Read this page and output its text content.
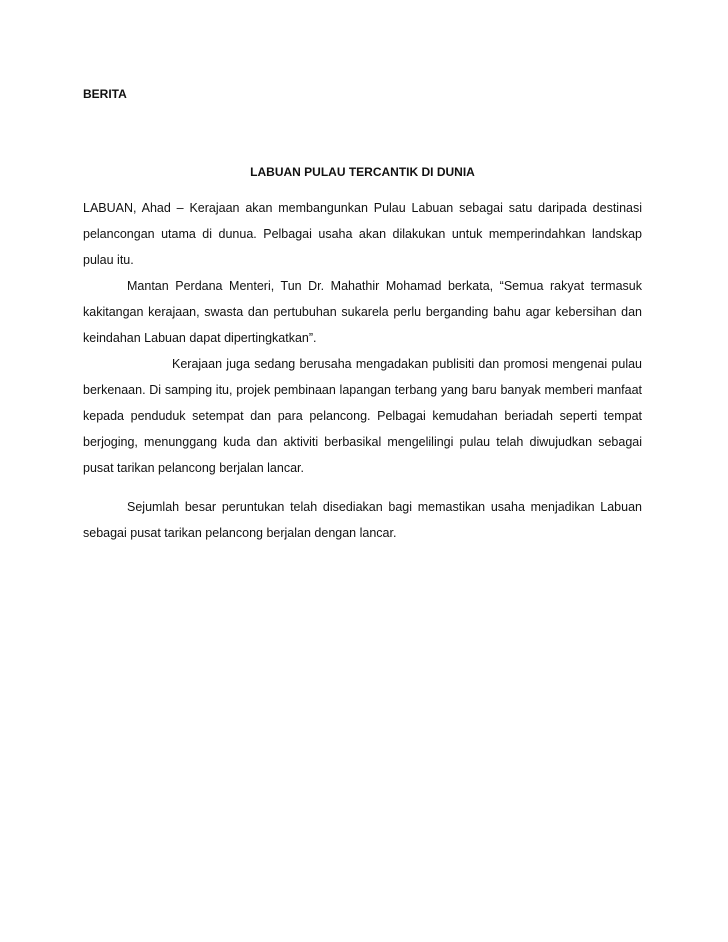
BERITA
LABUAN PULAU TERCANTIK DI DUNIA

LABUAN, Ahad – Kerajaan akan membangunkan Pulau Labuan sebagai satu daripada destinasi pelancongan utama di dunua. Pelbagai usaha akan dilakukan untuk memperindahkan landskap pulau itu.

Mantan Perdana Menteri, Tun Dr. Mahathir Mohamad berkata, “Semua rakyat termasuk kakitangan kerajaan, swasta dan pertubuhan sukarela perlu berganding bahu agar kebersihan dan keindahan Labuan dapat dipertingkatkan”.

Kerajaan juga sedang berusaha mengadakan publisiti dan promosi mengenai pulau berkenaan. Di samping itu, projek pembinaan lapangan terbang yang baru banyak memberi manfaat kepada penduduk setempat dan para pelancong. Pelbagai kemudahan beriadah seperti tempat berjoging, menunggang kuda dan aktiviti berbasikal mengelilingi pulau telah diwujudkan sebagai pusat tarikan pelancong berjalan lancar.

Sejumlah besar peruntukan telah disediakan bagi memastikan usaha menjadikan Labuan sebagai pusat tarikan pelancong berjalan dengan lancar.
